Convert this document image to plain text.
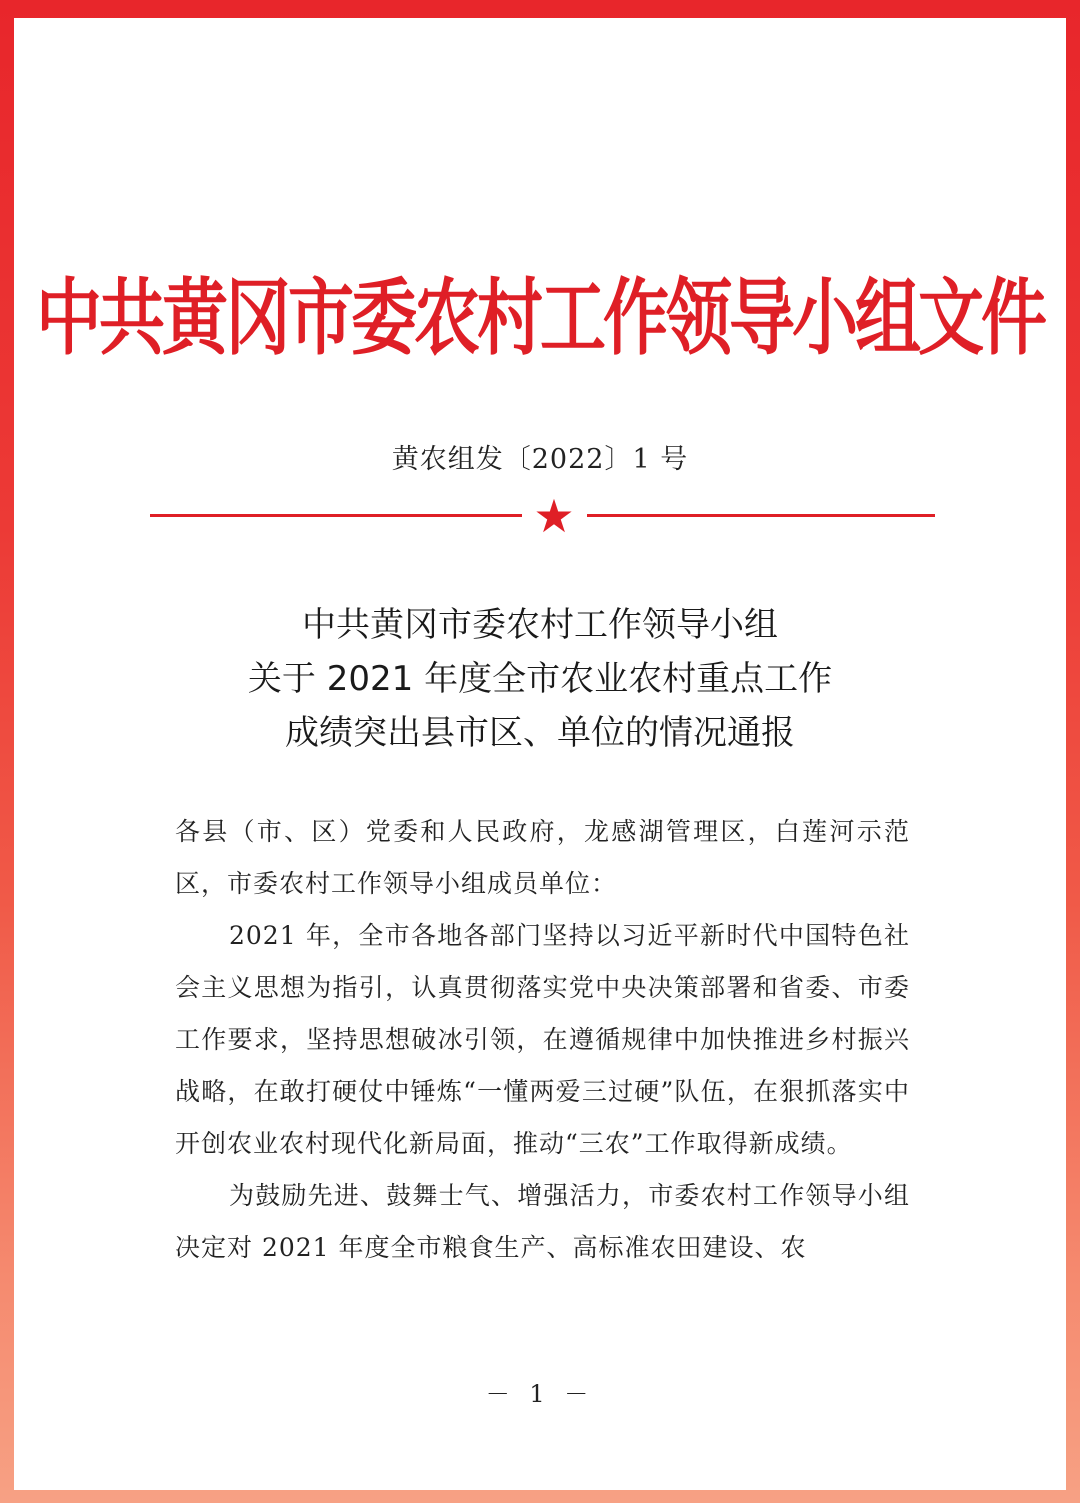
中共黄冈市委农村工作领导小组文件
黄农组发〔2022〕1 号
★
中共黄冈市委农村工作领导小组
关于 2021 年度全市农业农村重点工作
成绩突出县市区、单位的情况通报

各县（市、区）党委和人民政府，龙感湖管理区，白莲河示范区，市委农村工作领导小组成员单位：

2021 年，全市各地各部门坚持以习近平新时代中国特色社会主义思想为指引，认真贯彻落实党中央决策部署和省委、市委工作要求，坚持思想破冰引领，在遵循规律中加快推进乡村振兴战略，在敢打硬仗中锤炼“一懂两爱三过硬”队伍，在狠抓落实中开创农业农村现代化新局面，推动“三农”工作取得新成绩。

为鼓励先进、鼓舞士气、增强活力，市委农村工作领导小组决定对 2021 年度全市粮食生产、高标准农田建设、农

－ 1 －
